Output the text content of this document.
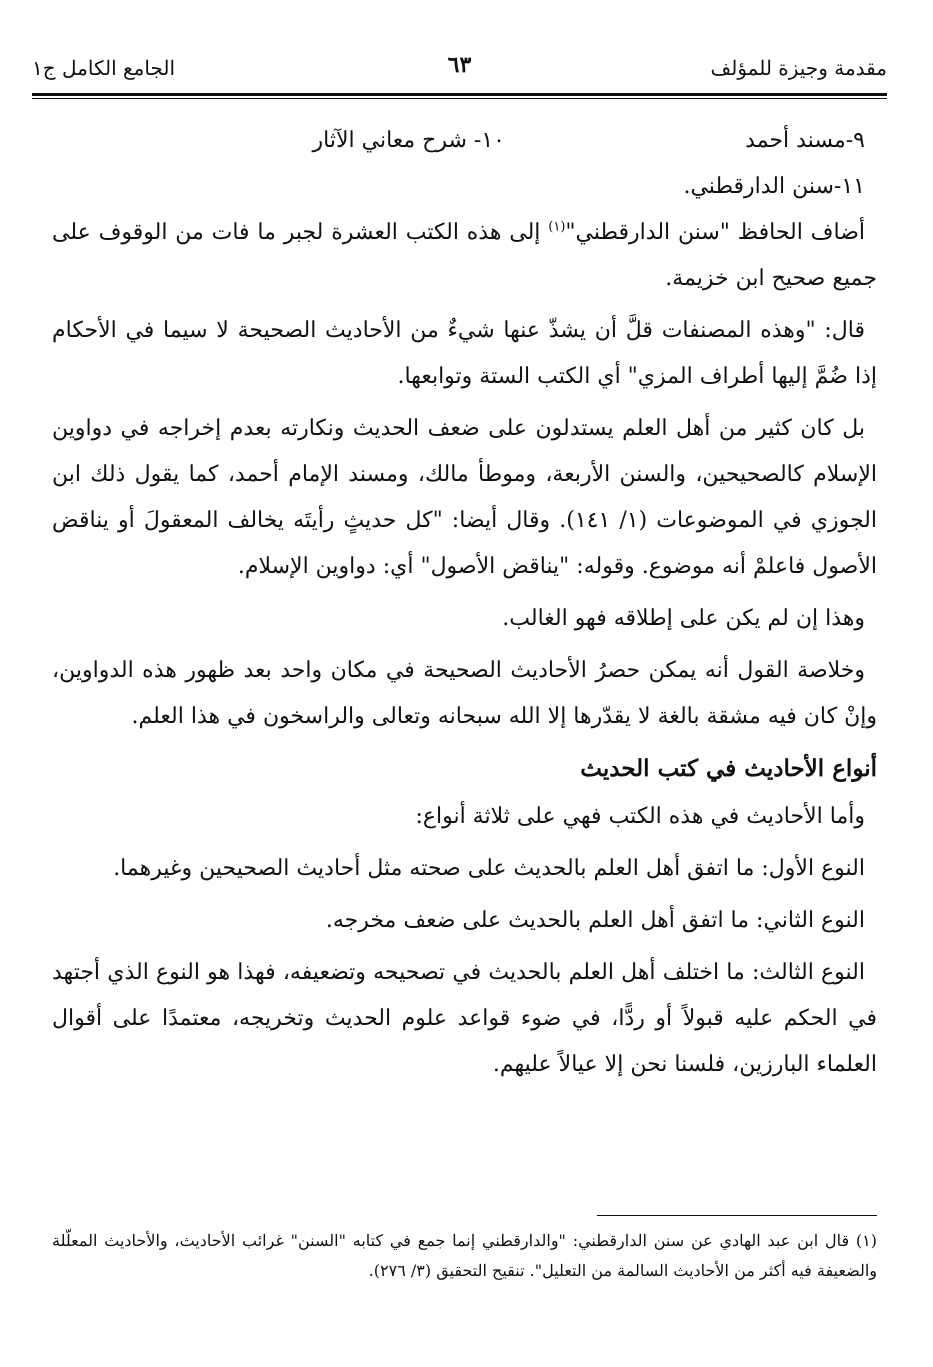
مقدمة وجيزة للمؤلف
٦٣
الجامع الكامل ج١
٩-مسند أحمد
١٠- شرح معاني الآثار
١١-سنن الدارقطني.

أضاف الحافظ "سنن الدارقطني"$^{(١)}$ إلى هذه الكتب العشرة لجبر ما فات من الوقوف على جميع صحيح ابن خزيمة.

قال: "وهذه المصنفات قلَّ أن يشذّ عنها شيءٌ من الأحاديث الصحيحة لا سيما في الأحكام إذا ضُمَّ إليها أطراف المزي" أي الكتب الستة وتوابعها.

بل كان كثير من أهل العلم يستدلون على ضعف الحديث ونكارته بعدم إخراجه في دواوين الإسلام كالصحيحين، والسنن الأربعة، وموطأ مالك، ومسند الإمام أحمد، كما يقول ذلك ابن الجوزي في الموضوعات (١/ ١٤١). وقال أيضا: "كل حديثٍ رأيتَه يخالف المعقولَ أو يناقض الأصول فاعلمْ أنه موضوع. وقوله: "يناقض الأصول" أي: دواوين الإسلام.

وهذا إن لم يكن على إطلاقه فهو الغالب.

وخلاصة القول أنه يمكن حصرُ الأحاديث الصحيحة في مكان واحد بعد ظهور هذه الدواوين، وإنْ كان فيه مشقة بالغة لا يقدّرها إلا الله سبحانه وتعالى والراسخون في هذا العلم.

أنواع الأحاديث في كتب الحديث

وأما الأحاديث في هذه الكتب فهي على ثلاثة أنواع:

النوع الأول: ما اتفق أهل العلم بالحديث على صحته مثل أحاديث الصحيحين وغيرهما.

النوع الثاني: ما اتفق أهل العلم بالحديث على ضعف مخرجه.

النوع الثالث: ما اختلف أهل العلم بالحديث في تصحيحه وتضعيفه، فهذا هو النوع الذي أجتهد في الحكم عليه قبولاً أو ردًّا، في ضوء قواعد علوم الحديث وتخريجه، معتمدًا على أقوال العلماء البارزين، فلسنا نحن إلا عيالاً عليهم.

(١) قال ابن عبد الهادي عن سنن الدارقطني: "والدارقطني إنما جمع في كتابه "السنن" غرائب الأحاديث، والأحاديث المعلّلة والضعيفة فيه أكثر من الأحاديث السالمة من التعليل". تنقيح التحقيق (٣/ ٢٧٦).
